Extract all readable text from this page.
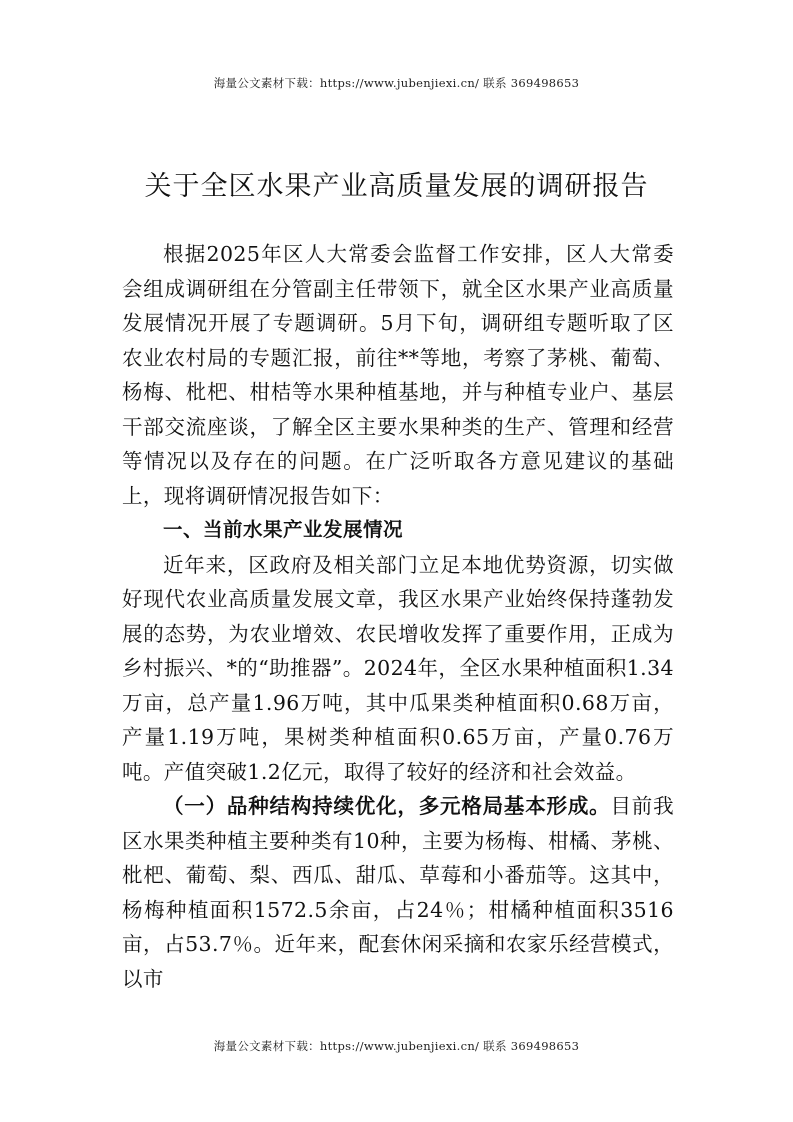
海量公文素材下载：https://www.jubenjiexi.cn/ 联系 369498653
关于全区水果产业高质量发展的调研报告

根据2025年区人大常委会监督工作安排，区人大常委会组成调研组在分管副主任带领下，就全区水果产业高质量发展情况开展了专题调研。5月下旬，调研组专题听取了区农业农村局的专题汇报，前往**等地，考察了茅桃、葡萄、杨梅、枇杷、柑桔等水果种植基地，并与种植专业户、基层干部交流座谈，了解全区主要水果种类的生产、管理和经营等情况以及存在的问题。在广泛听取各方意见建议的基础上，现将调研情况报告如下：

一、当前水果产业发展情况

近年来，区政府及相关部门立足本地优势资源，切实做好现代农业高质量发展文章，我区水果产业始终保持蓬勃发展的态势，为农业增效、农民增收发挥了重要作用，正成为乡村振兴、*的“助推器”。2024年，全区水果种植面积1.34万亩，总产量1.96万吨，其中瓜果类种植面积0.68万亩，产量1.19万吨，果树类种植面积0.65万亩，产量0.76万吨。产值突破1.2亿元，取得了较好的经济和社会效益。

（一）品种结构持续优化，多元格局基本形成。目前我区水果类种植主要种类有10种，主要为杨梅、柑橘、茅桃、枇杷、葡萄、梨、西瓜、甜瓜、草莓和小番茄等。这其中，杨梅种植面积1572.5余亩，占24％；柑橘种植面积3516亩，占53.7％。近年来，配套休闲采摘和农家乐经营模式，以市

海量公文素材下载：https://www.jubenjiexi.cn/ 联系 369498653
